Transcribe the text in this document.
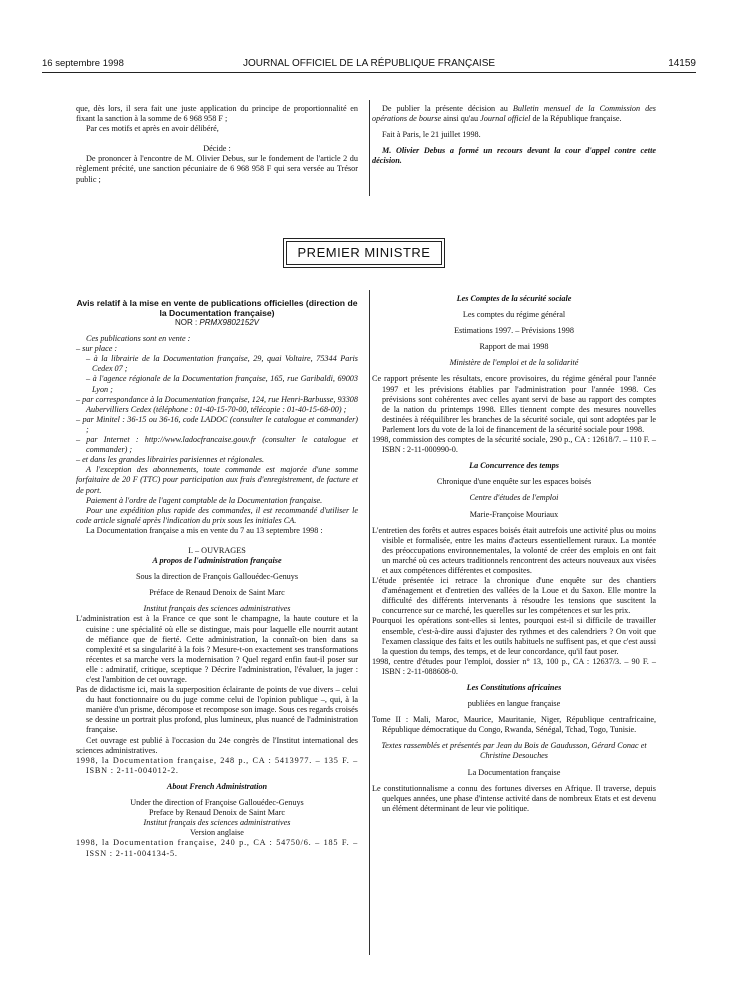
16 septembre 1998	JOURNAL OFFICIEL DE LA RÉPUBLIQUE FRANÇAISE	14159

que, dès lors, il sera fait une juste application du principe de proportionnalité en fixant la sanction à la somme de 6 968 958 F ;

Par ces motifs et après en avoir délibéré,

Décide :

De prononcer à l'encontre de M. Olivier Debus, sur le fondement de l'article 2 du règlement précité, une sanction pécuniaire de 6 968 958 F qui sera versée au Trésor public ;

De publier la présente décision au Bulletin mensuel de la Commission des opérations de bourse ainsi qu'au Journal officiel de la République française.

Fait à Paris, le 21 juillet 1998.

M. Olivier Debus a formé un recours devant la cour d'appel contre cette décision.

PREMIER MINISTRE

Avis relatif à la mise en vente de publications officielles (direction de la Documentation française)

NOR : PRMX9802152V

Ces publications sont en vente :

– sur place :

– à la librairie de la Documentation française, 29, quai Voltaire, 75344 Paris Cedex 07 ;

– à l'agence régionale de la Documentation française, 165, rue Garibaldi, 69003 Lyon ;

– par correspondance à la Documentation française, 124, rue Henri-Barbusse, 93308 Aubervilliers Cedex (téléphone : 01-40-15-70-00, télécopie : 01-40-15-68-00) ;

– par Minitel : 36-15 ou 36-16, code LADOC (consulter le catalogue et commander) ;

– par Internet : http://www.ladocfrancaise.gouv.fr (consulter le catalogue et commander) ;

– et dans les grandes librairies parisiennes et régionales.

A l'exception des abonnements, toute commande est majorée d'une somme forfaitaire de 20 F (TTC) pour participation aux frais d'enregistrement, de facture et de port.

Paiement à l'ordre de l'agent comptable de la Documentation française.

Pour une expédition plus rapide des commandes, il est recommandé d'utiliser le code article signalé après l'indication du prix sous les initiales CA.

La Documentation française a mis en vente du 7 au 13 septembre 1998 :

I. – OUVRAGES

A propos de l'administration française

Sous la direction de François Gallouédec-Genuys

Préface de Renaud Denoix de Saint Marc

Institut français des sciences administratives

L'administration est à la France ce que sont le champagne, la haute couture et la cuisine : une spécialité où elle se distingue, mais pour laquelle elle nourrit autant de méfiance que de fierté. Cette administration, la connaît-on bien dans sa complexité et sa singularité à la fois ? Mesure-t-on exactement ses transformations récentes et sa marche vers la modernisation ? Quel regard enfin faut-il poser sur elle : admiratif, critique, sceptique ? Décrire l'administration, l'évaluer, la juger : c'est l'ambition de cet ouvrage.

Pas de didactisme ici, mais la superposition éclairante de points de vue divers – celui du haut fonctionnaire ou du juge comme celui de l'opinion publique –, qui, à la manière d'un prisme, décompose et recompose son image. Sous ces regards croisés se dessine un portrait plus profond, plus lumineux, plus nuancé de l'administration française.

Cet ouvrage est publié à l'occasion du 24e congrès de l'Institut international des sciences administratives.

1998, la Documentation française, 248 p., CA : 5413977. – 135 F. – ISBN : 2-11-004012-2.

About French Administration

Under the direction of Françoise Gallouédec-Genuys

Preface by Renaud Denoix de Saint Marc

Institut français des sciences administratives

Version anglaise

1998, la Documentation française, 240 p., CA : 54750/6. – 185 F. – ISSN : 2-11-004134-5.

Les Comptes de la sécurité sociale

Les comptes du régime général

Estimations 1997. – Prévisions 1998

Rapport de mai 1998

Ministère de l'emploi et de la solidarité

Ce rapport présente les résultats, encore provisoires, du régime général pour l'année 1997 et les prévisions établies par l'administration pour l'année 1998. Ces prévisions sont cohérentes avec celles ayant servi de base au rapport des comptes de la nation du printemps 1998. Elles tiennent compte des mesures nouvelles destinées à rééquilibrer les branches de la sécurité sociale, qui sont adoptées par le Parlement lors du vote de la loi de financement de la sécurité sociale pour 1998.

1998, commission des comptes de la sécurité sociale, 290 p., CA : 12618/7. – 110 F. – ISBN : 2-11-000990-0.

La Concurrence des temps

Chronique d'une enquête sur les espaces boisés

Centre d'études de l'emploi

Marie-Françoise Mouriaux

L'entretien des forêts et autres espaces boisés était autrefois une activité plus ou moins visible et formalisée, entre les mains d'acteurs essentiellement ruraux. La montée des préoccupations environnementales, la volonté de créer des emplois en ont fait un marché où ces acteurs traditionnels rencontrent des acteurs nouveaux aux visées et aux compétences différentes et composites.

L'étude présentée ici retrace la chronique d'une enquête sur des chantiers d'aménagement et d'entretien des vallées de la Loue et du Saxon. Elle montre la difficulté des différents intervenants à résoudre les tensions que suscitent la concurrence sur ce marché, les querelles sur les compétences et sur les prix.

Pourquoi les opérations sont-elles si lentes, pourquoi est-il si difficile de travailler ensemble, c'est-à-dire aussi d'ajuster des rythmes et des calendriers ? On voit que l'examen classique des faits et les outils habituels ne suffisent pas, et que c'est aussi la question du temps, des temps, et de leur concordance, qu'il faut poser.

1998, centre d'études pour l'emploi, dossier n° 13, 100 p., CA : 12637/3. – 90 F. – ISBN : 2-11-088608-0.

Les Constitutions africaines

publiées en langue française

Tome II : Mali, Maroc, Maurice, Mauritanie, Niger, République centrafricaine, République démocratique du Congo, Rwanda, Sénégal, Tchad, Togo, Tunisie.

Textes rassemblés et présentés par Jean du Bois de Gaudusson, Gérard Conac et Christine Desouches

La Documentation française

Le constitutionnalisme a connu des fortunes diverses en Afrique. Il traverse, depuis quelques années, une phase d'intense activité dans de nombreux Etats et est devenu un élément déterminant de leur vie politique.
